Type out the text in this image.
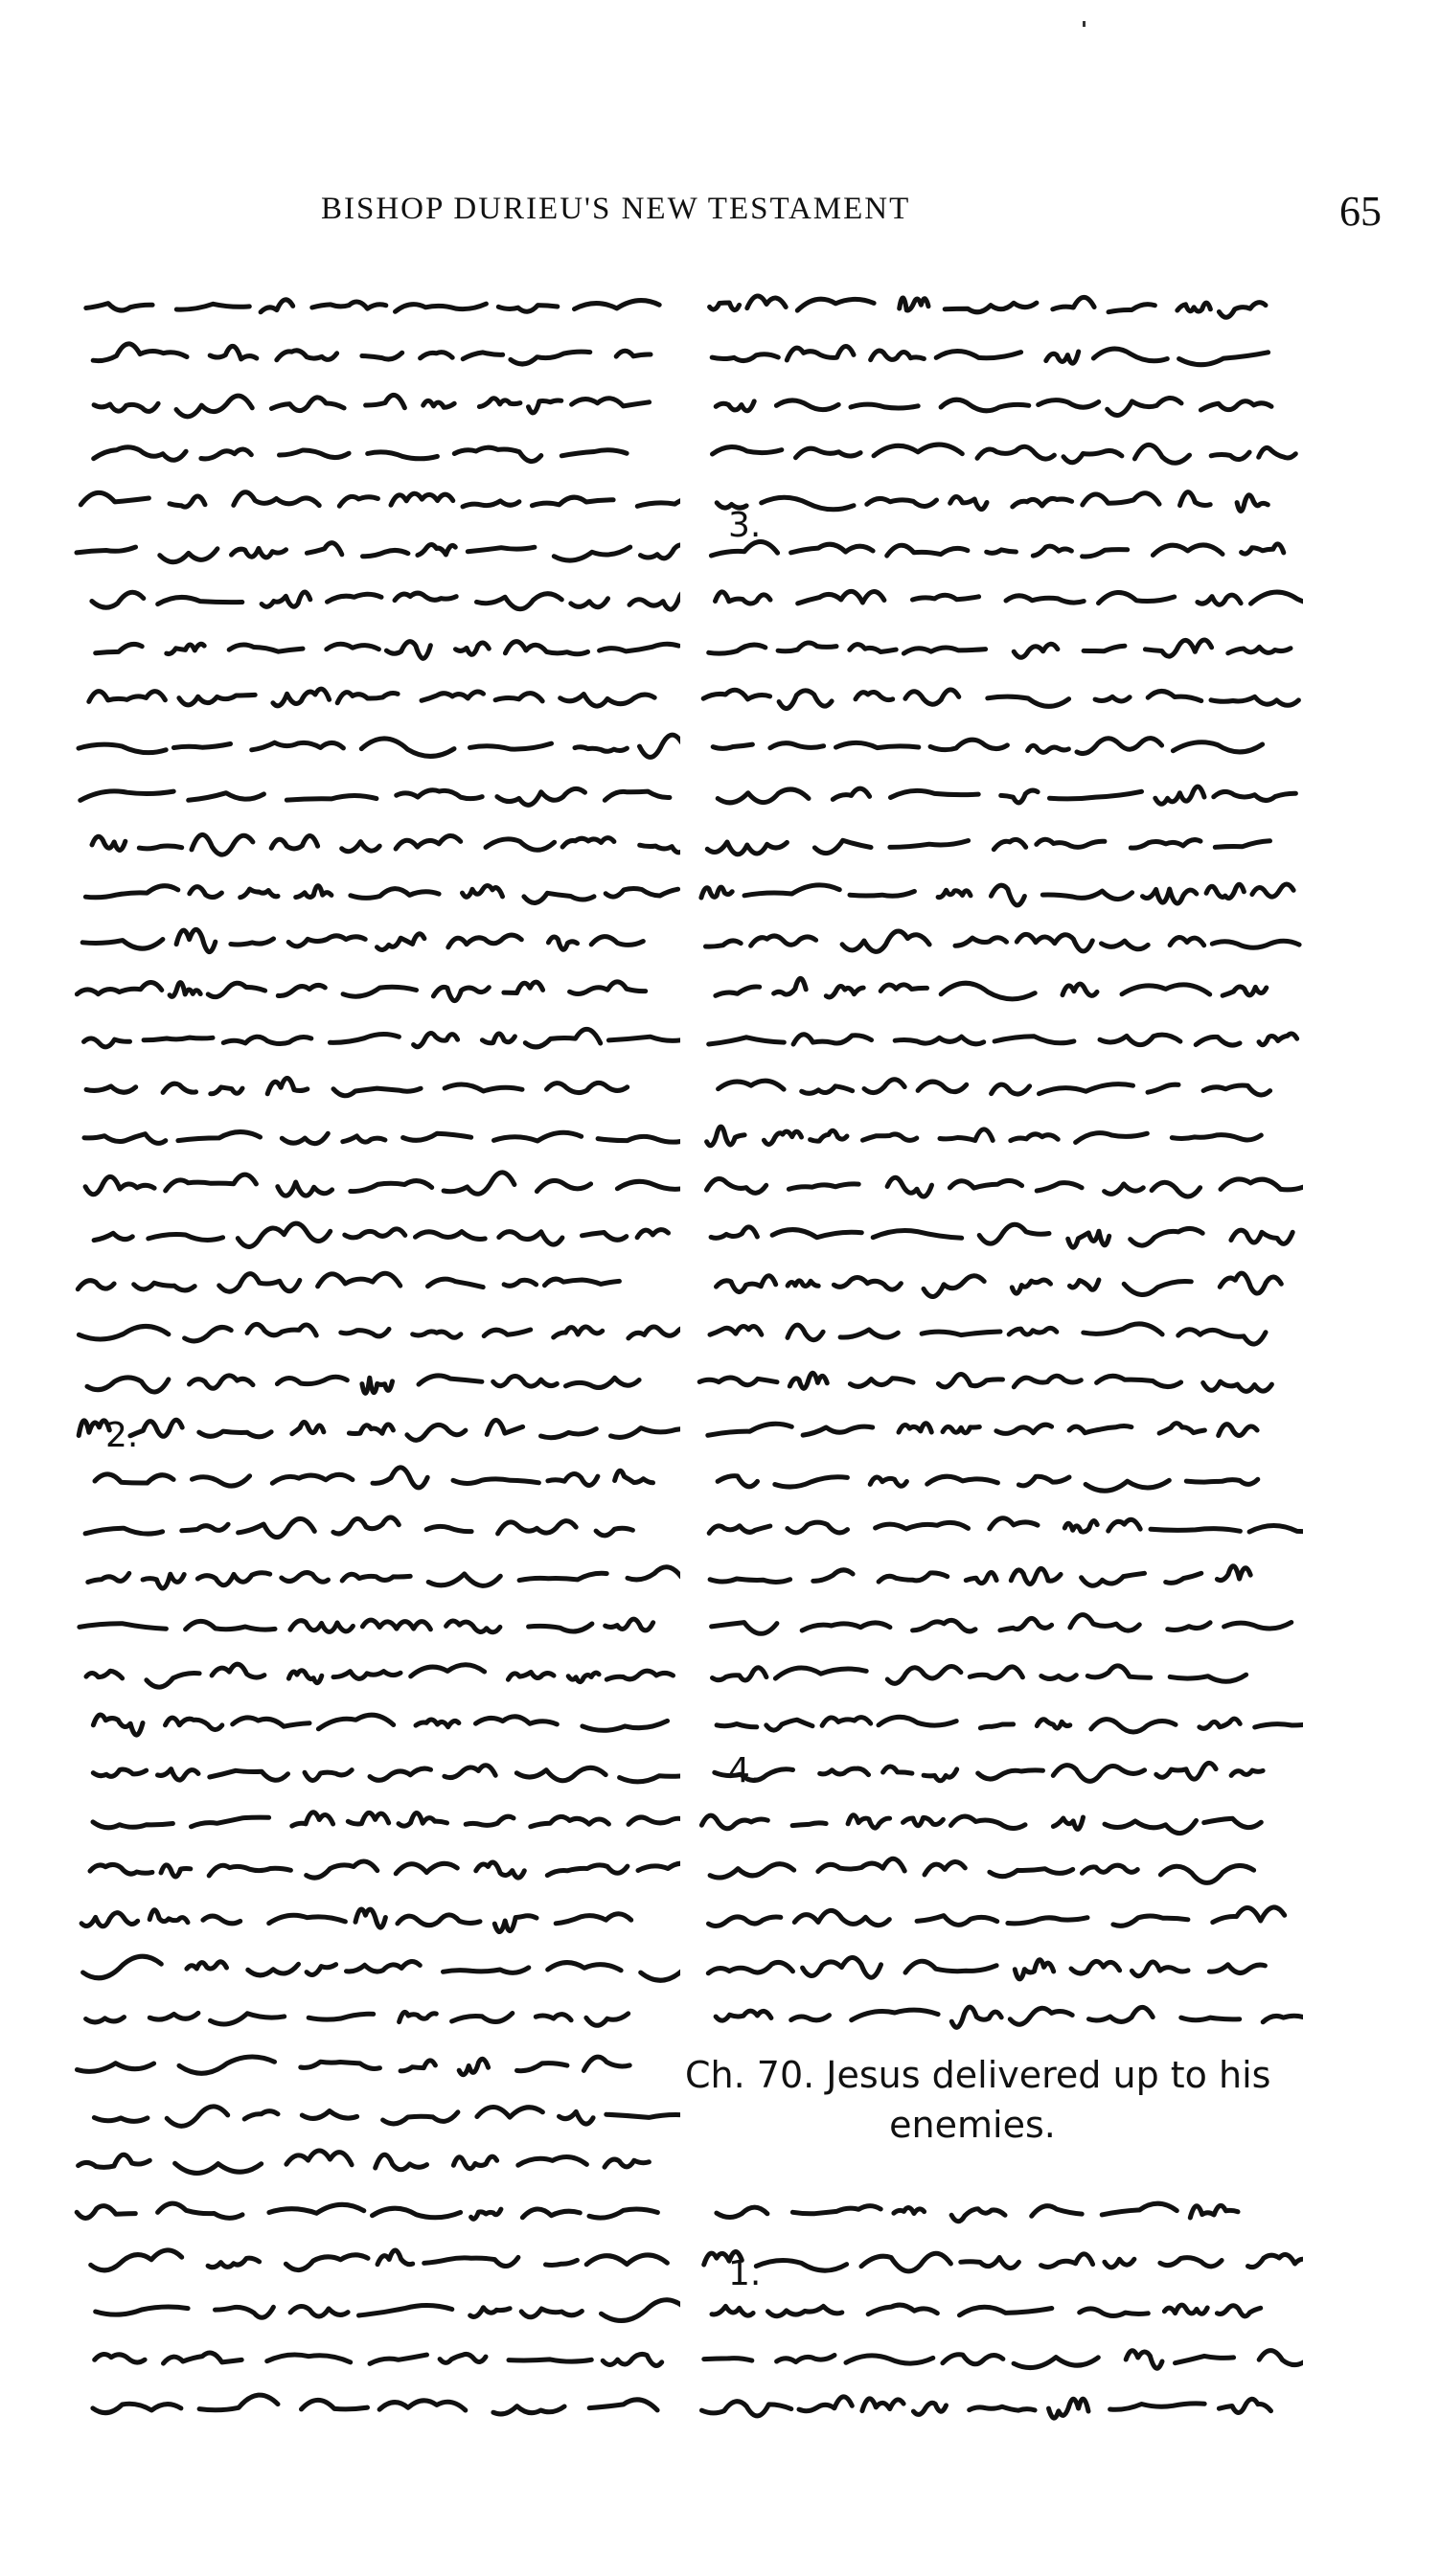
BISHOP DURIEU'S NEW TESTAMENT	65
2.
3.
4.
1.
Ch. 70. Jesus delivered up to his
enemies.
